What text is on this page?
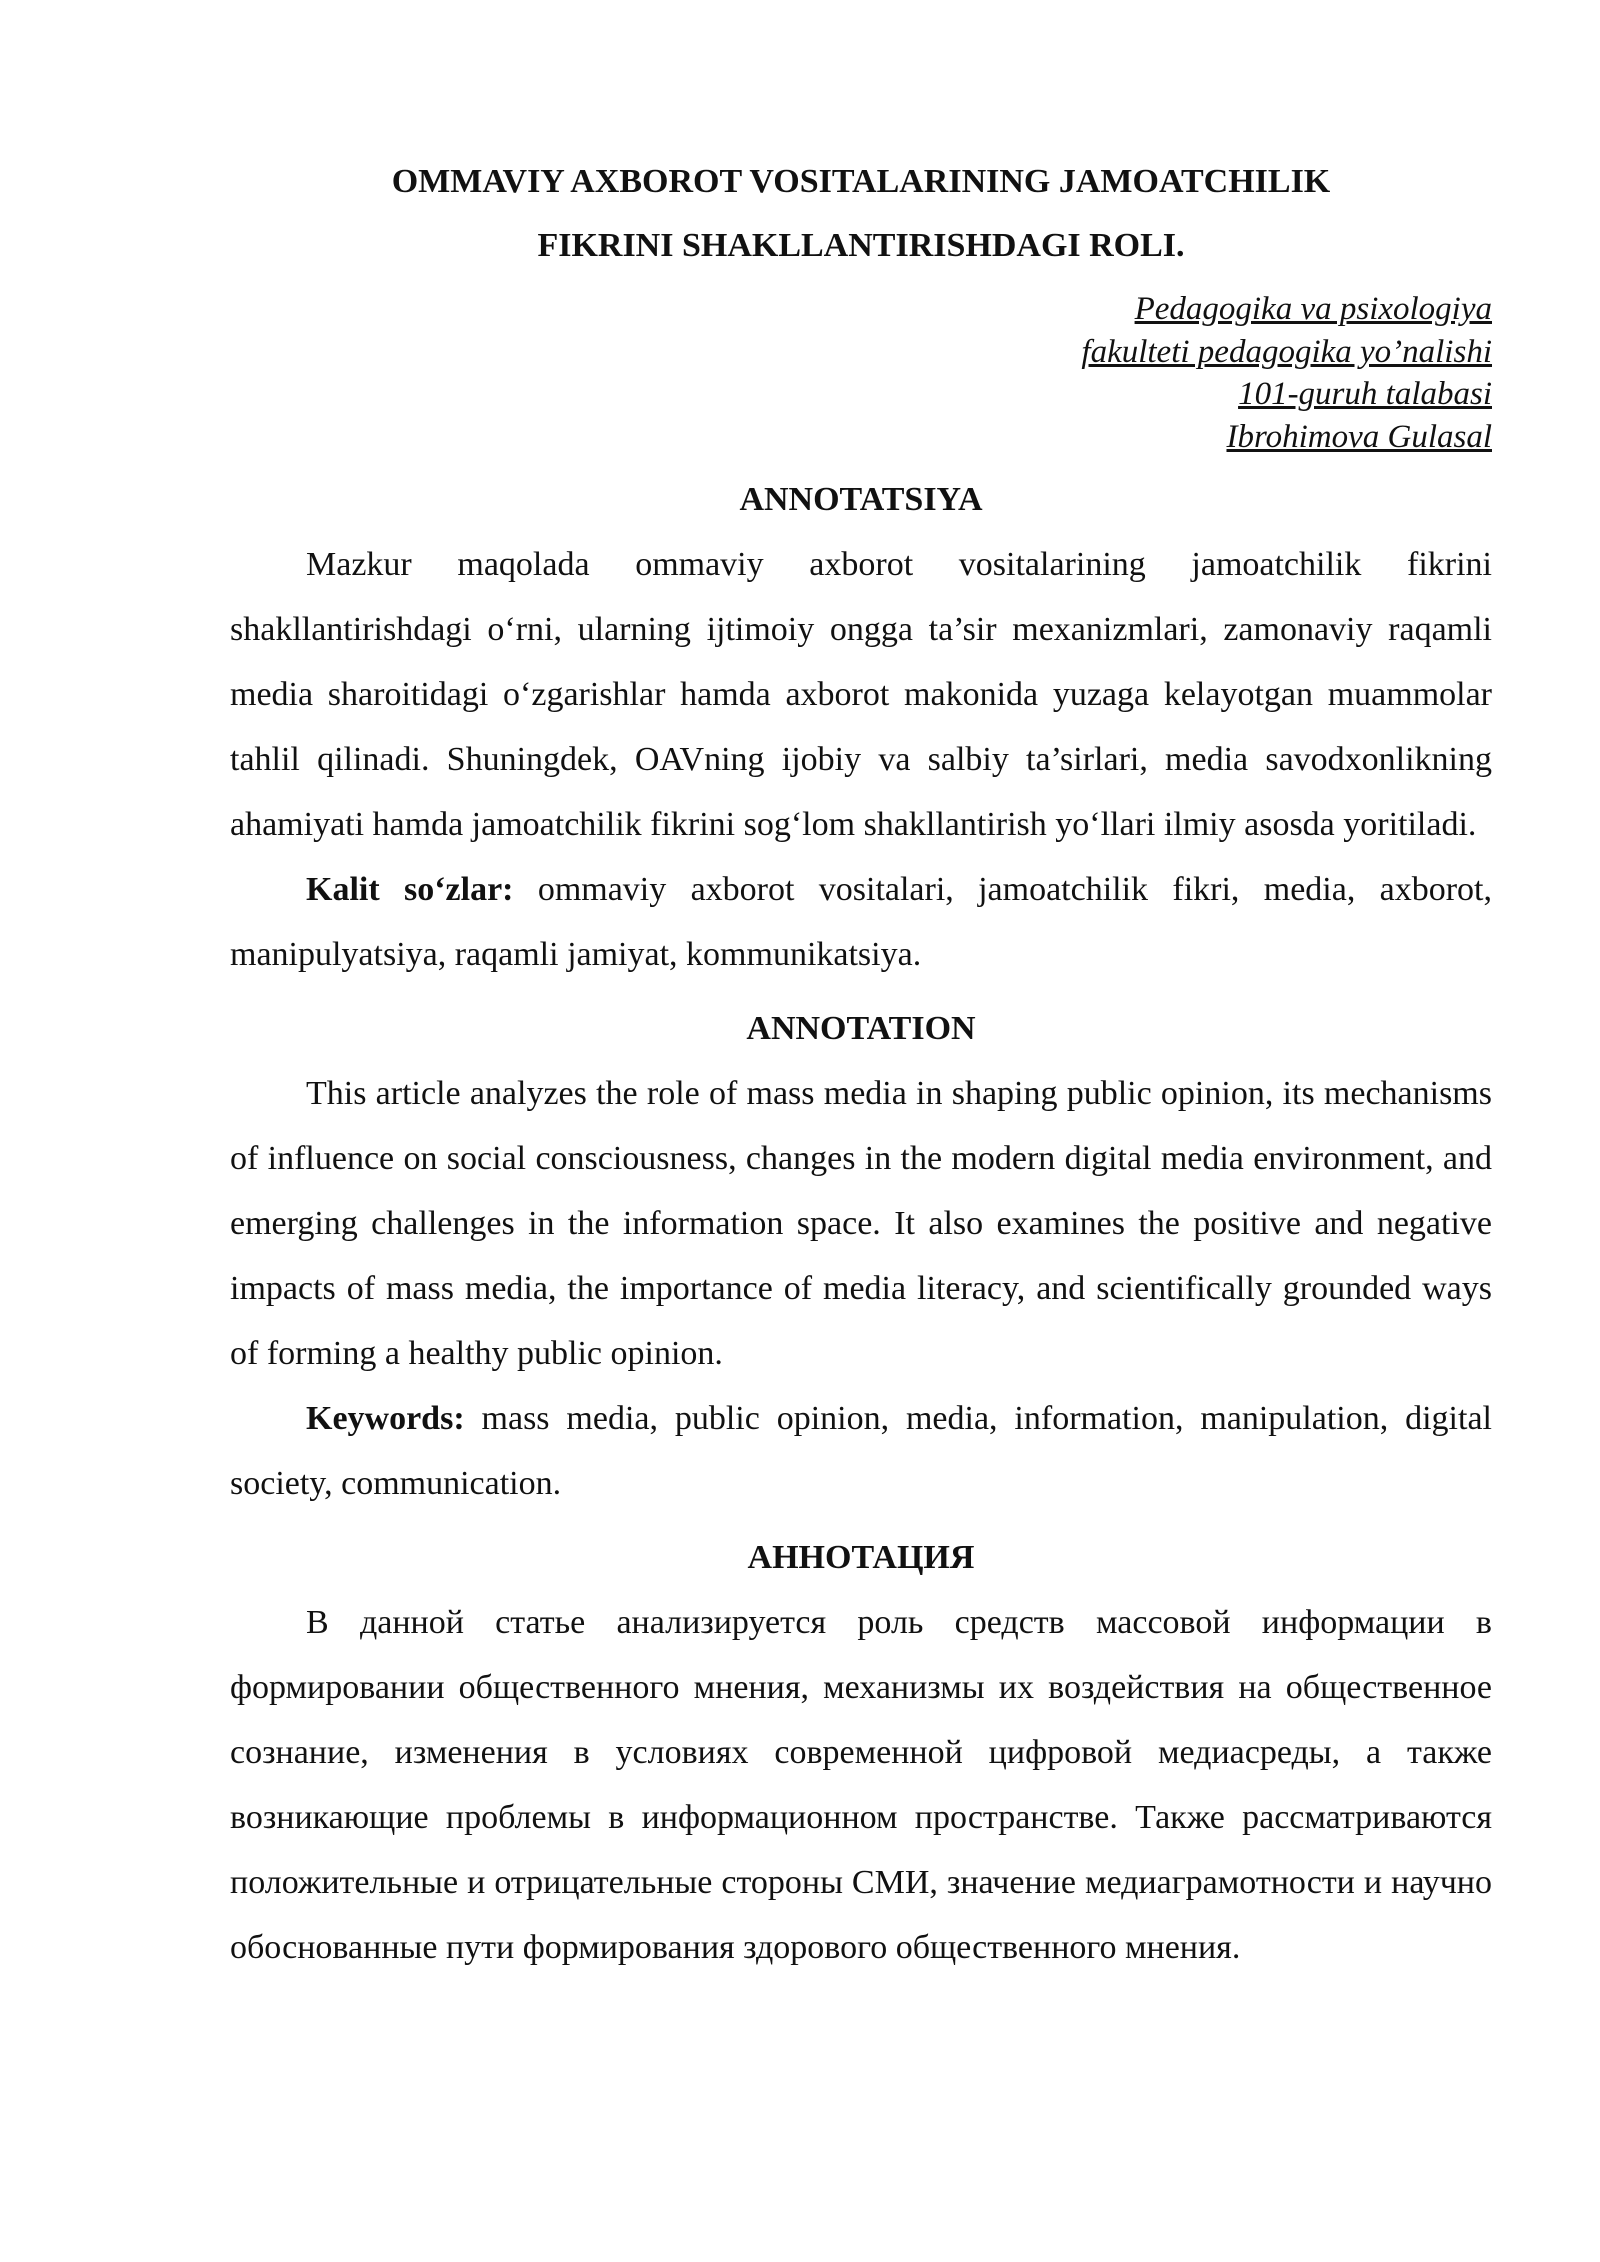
OMMAVIY AXBOROT VOSITALARINING JAMOATCHILIK
FIKRINI SHAKLLANTIRISHDAGI ROLI.
Pedagogika va psixologiya
fakulteti pedagogika yo’nalishi
101-guruh talabasi
Ibrohimova Gulasal
ANNOTATSIYA

Mazkur maqolada ommaviy axborot vositalarining jamoatchilik fikrini shakllantirishdagi o‘rni, ularning ijtimoiy ongga ta’sir mexanizmlari, zamonaviy raqamli media sharoitidagi o‘zgarishlar hamda axborot makonida yuzaga kelayotgan muammolar tahlil qilinadi. Shuningdek, OAVning ijobiy va salbiy ta’sirlari, media savodxonlikning ahamiyati hamda jamoatchilik fikrini sog‘lom shakllantirish yo‘llari ilmiy asosda yoritiladi.

Kalit so‘zlar: ommaviy axborot vositalari, jamoatchilik fikri, media, axborot, manipulyatsiya, raqamli jamiyat, kommunikatsiya.

ANNOTATION

This article analyzes the role of mass media in shaping public opinion, its mechanisms of influence on social consciousness, changes in the modern digital media environment, and emerging challenges in the information space. It also examines the positive and negative impacts of mass media, the importance of media literacy, and scientifically grounded ways of forming a healthy public opinion.

Keywords: mass media, public opinion, media, information, manipulation, digital society, communication.

АННОТАЦИЯ

В данной статье анализируется роль средств массовой информации в формировании общественного мнения, механизмы их воздействия на общественное сознание, изменения в условиях современной цифровой медиасреды, а также возникающие проблемы в информационном пространстве. Также рассматриваются положительные и отрицательные стороны СМИ, значение медиаграмотности и научно обоснованные пути формирования здорового общественного мнения.
